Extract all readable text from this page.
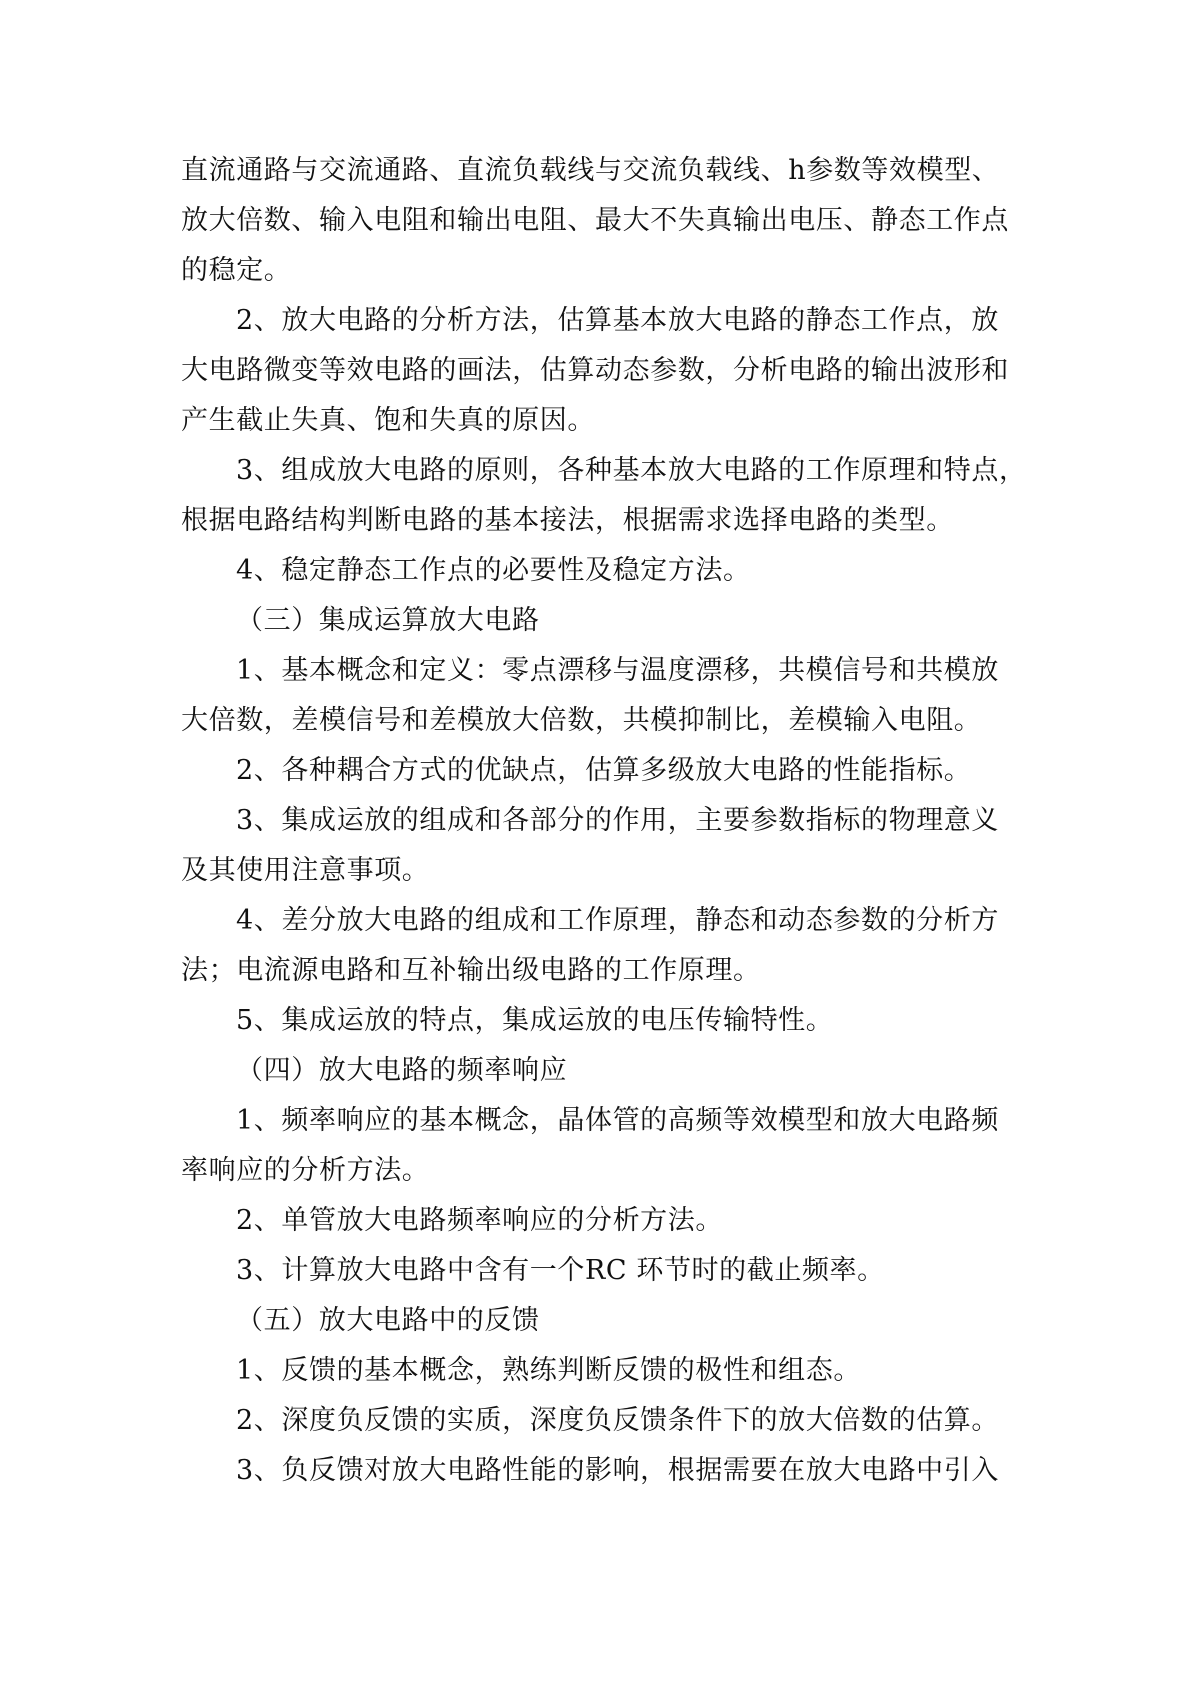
直流通路与交流通路、直流负载线与交流负载线、h参数等效模型、
放大倍数、输入电阻和输出电阻、最大不失真输出电压、静态工作点
的稳定。
2、放大电路的分析方法，估算基本放大电路的静态工作点，放
大电路微变等效电路的画法，估算动态参数，分析电路的输出波形和
产生截止失真、饱和失真的原因。
3、组成放大电路的原则，各种基本放大电路的工作原理和特点，
根据电路结构判断电路的基本接法，根据需求选择电路的类型。
4、稳定静态工作点的必要性及稳定方法。
（三）集成运算放大电路
1、基本概念和定义：零点漂移与温度漂移，共模信号和共模放
大倍数，差模信号和差模放大倍数，共模抑制比，差模输入电阻。
2、各种耦合方式的优缺点，估算多级放大电路的性能指标。
3、集成运放的组成和各部分的作用，主要参数指标的物理意义
及其使用注意事项。
4、差分放大电路的组成和工作原理，静态和动态参数的分析方
法；电流源电路和互补输出级电路的工作原理。
5、集成运放的特点，集成运放的电压传输特性。
（四）放大电路的频率响应
1、频率响应的基本概念，晶体管的高频等效模型和放大电路频
率响应的分析方法。
2、单管放大电路频率响应的分析方法。
3、计算放大电路中含有一个RC 环节时的截止频率。
（五）放大电路中的反馈
1、反馈的基本概念，熟练判断反馈的极性和组态。
2、深度负反馈的实质，深度负反馈条件下的放大倍数的估算。
3、负反馈对放大电路性能的影响，根据需要在放大电路中引入
